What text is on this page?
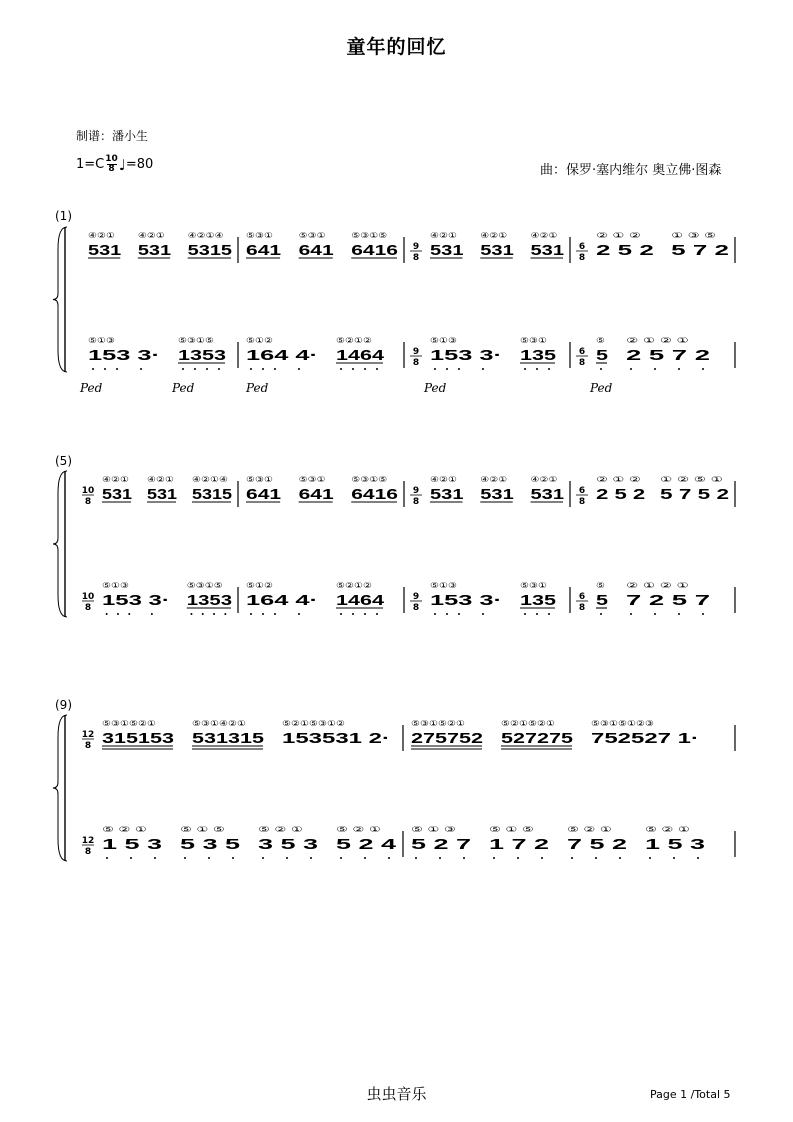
童年的回忆
制谱：潘小生
$1=C \frac{10}{8}$ ♩ =80	曲：保罗·塞内维尔 奥立佛·图森
(1)
531
④②①
531
④②①
5315
④②①④
641
⑤③①
641
⑤③①
6416
⑤③①⑤
9
8 531
④②①
531
④②①
531
④②①
6
8 2 5 2
② ① ②
5 7 2
① ③ ⑤
153 3·
⑤①③
1353
⑤③①⑤
164 4·
⑤①②
1464
⑤②①②
9
8 153 3·
⑤①③
135
⑤③①
6
8 5
⑤
2 5 7 2
② ① ② ①
Ped	Ped	Ped	Ped	Ped
(5)
10
8 531
④②①
531
④②①
5315
④②①④
641
⑤③①
641
⑤③①
6416
⑤③①⑤
9
8 531
④②①
531
④②①
531
④②①
6
8 2 5 2
② ① ②
5 7 5 2
① ② ⑤ ①
10
8 153 3·
⑤①③
1353
⑤③①⑤
164 4·
⑤①②
1464
⑤②①②
9
8 153 3·
⑤①③
135
⑤③①
6
8 5
⑤
7 2 5 7
② ① ② ①
(9)
12
8 315153
⑤③①⑤②①
531315
⑤③①④②①
153531 2·
⑤②①⑤③①②
275752
⑤③①⑤②①
527275
⑤②①⑤②①
752527 1·
⑤③①⑤①②③
12
8 1 5 3
⑤ ② ①
5 3 5
⑤ ① ⑤
3 5 3
⑤ ② ①
5 2 4
⑤ ② ①
5 2 7
⑤ ① ③
1 7 2
⑤ ① ⑤
7 5 2
⑤ ② ①
1 5 3
⑤ ② ①
虫虫音乐	Page 1 /Total 5
